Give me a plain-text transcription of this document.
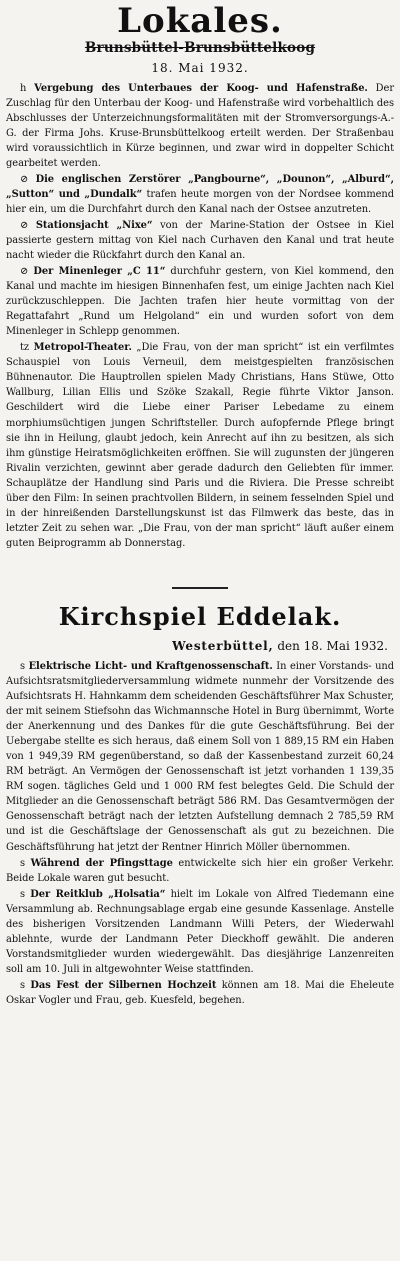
Lokales.
Brunsbüttel-Brunsbüttelkoog
18. Mai 1932.

h Vergebung des Unterbaues der Koog- und Hafenstraße. Der Zuschlag für den Unterbau der Koog- und Hafenstraße wird vorbehaltlich des Abschlusses der Unterzeichnungsformalitäten mit der Stromversorgungs-A.-G. der Firma Johs. Kruse-Brunsbüttelkoog erteilt werden. Der Straßenbau wird voraussichtlich in Kürze beginnen, und zwar wird in doppelter Schicht gearbeitet werden.

⊘ Die englischen Zerstörer „Pangbourne“, „Dounon“, „Alburd“, „Sutton“ und „Dundalk“ trafen heute morgen von der Nordsee kommend hier ein, um die Durchfahrt durch den Kanal nach der Ostsee anzutreten.

⊘ Stationsjacht „Nixe“ von der Marine-Station der Ostsee in Kiel passierte gestern mittag von Kiel nach Curhaven den Kanal und trat heute nacht wieder die Rückfahrt durch den Kanal an.

⊘ Der Minenleger „C 11“ durchfuhr gestern, von Kiel kommend, den Kanal und machte im hiesigen Binnenhafen fest, um einige Jachten nach Kiel zurückzuschleppen. Die Jachten trafen hier heute vormittag von der Regattafahrt „Rund um Helgoland“ ein und wurden sofort von dem Minenleger in Schlepp genommen.

tz Metropol-Theater. „Die Frau, von der man spricht“ ist ein verfilmtes Schauspiel von Louis Verneuil, dem meistgespielten französischen Bühnenautor. Die Hauptrollen spielen Mady Christians, Hans Stüwe, Otto Wallburg, Lilian Ellis und Szöke Szakall, Regie führte Viktor Janson. Geschildert wird die Liebe einer Pariser Lebedame zu einem morphiumsüchtigen jungen Schriftsteller. Durch aufopfernde Pflege bringt sie ihn in Heilung, glaubt jedoch, kein Anrecht auf ihn zu besitzen, als sich ihm günstige Heiratsmöglichkeiten eröffnen. Sie will zugunsten der jüngeren Rivalin verzichten, gewinnt aber gerade dadurch den Geliebten für immer. Schauplätze der Handlung sind Paris und die Riviera. Die Presse schreibt über den Film: In seinen prachtvollen Bildern, in seinem fesselnden Spiel und in der hinreißenden Darstellungskunst ist das Filmwerk das beste, das in letzter Zeit zu sehen war. „Die Frau, von der man spricht“ läuft außer einem guten Beiprogramm ab Donnerstag.

Kirchspiel Eddelak.
Westerbüttel, den 18. Mai 1932.

s Elektrische Licht- und Kraftgenossenschaft. In einer Vorstands- und Aufsichtsratsmitgliederversammlung widmete nunmehr der Vorsitzende des Aufsichtsrats H. Hahnkamm dem scheidenden Geschäftsführer Max Schuster, der mit seinem Stiefsohn das Wichmannsche Hotel in Burg übernimmt, Worte der Anerkennung und des Dankes für die gute Geschäftsführung. Bei der Uebergabe stellte es sich heraus, daß einem Soll von 1 889,15 RM ein Haben von 1 949,39 RM gegenüberstand, so daß der Kassenbestand zurzeit 60,24 RM beträgt. An Vermögen der Genossenschaft ist jetzt vorhanden 1 139,35 RM sogen. tägliches Geld und 1 000 RM fest belegtes Geld. Die Schuld der Mitglieder an die Genossenschaft beträgt 586 RM. Das Gesamtvermögen der Genossenschaft beträgt nach der letzten Aufstellung demnach 2 785,59 RM und ist die Geschäftslage der Genossenschaft als gut zu bezeichnen. Die Geschäftsführung hat jetzt der Rentner Hinrich Möller übernommen.

s Während der Pfingsttage entwickelte sich hier ein großer Verkehr. Beide Lokale waren gut besucht.

s Der Reitklub „Holsatia“ hielt im Lokale von Alfred Tiedemann eine Versammlung ab. Rechnungsablage ergab eine gesunde Kassenlage. Anstelle des bisherigen Vorsitzenden Landmann Willi Peters, der Wiederwahl ablehnte, wurde der Landmann Peter Dieckhoff gewählt. Die anderen Vorstandsmitglieder wurden wiedergewählt. Das diesjährige Lanzenreiten soll am 10. Juli in altgewohnter Weise stattfinden.

s Das Fest der Silbernen Hochzeit können am 18. Mai die Eheleute Oskar Vogler und Frau, geb. Kuesfeld, begehen.
